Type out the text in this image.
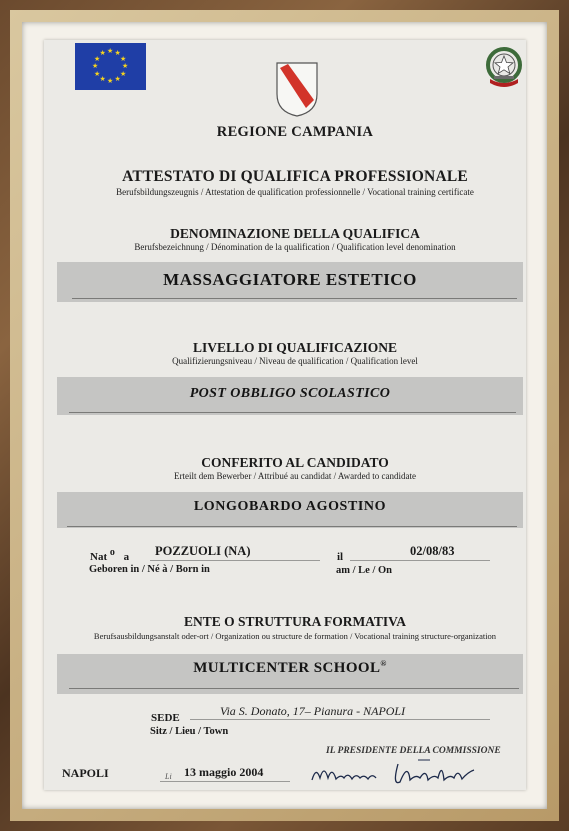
★ ★
★
★
★
★
★
★
★
★
★
★
REGIONE CAMPANIA
ATTESTATO DI QUALIFICA PROFESSIONALE
Berufsbildungszeugnis / Attestation de qualification professionnelle / Vocational training certificate
DENOMINAZIONE DELLA QUALIFICA
Berufsbezeichnung / Dénomination de la qualification / Qualification level denomination
MASSAGGIATORE ESTETICO
LIVELLO DI QUALIFICAZIONE
Qualifizierungsniveau / Niveau de qualification / Qualification level
POST OBBLIGO SCOLASTICO
CONFERITO AL CANDIDATO
Erteilt dem Bewerber / Attribué au candidat / Awarded to candidate
LONGOBARDO AGOSTINO
Nat o a POZZUOLI (NA)
Geboren in / Né à / Born in
il	02/08/83
am / Le / On
ENTE O STRUTTURA FORMATIVA
Berufsausbildungsanstalt oder-ort / Organization ou structure de formation / Vocational training structure-organization
MULTICENTER SCHOOL®
Via S. Donato, 17– Pianura - NAPOLI
SEDE
Sitz / Lieu / Town
IL PRESIDENTE DELLA COMMISSIONE
NAPOLI	Li 13 maggio 2004
